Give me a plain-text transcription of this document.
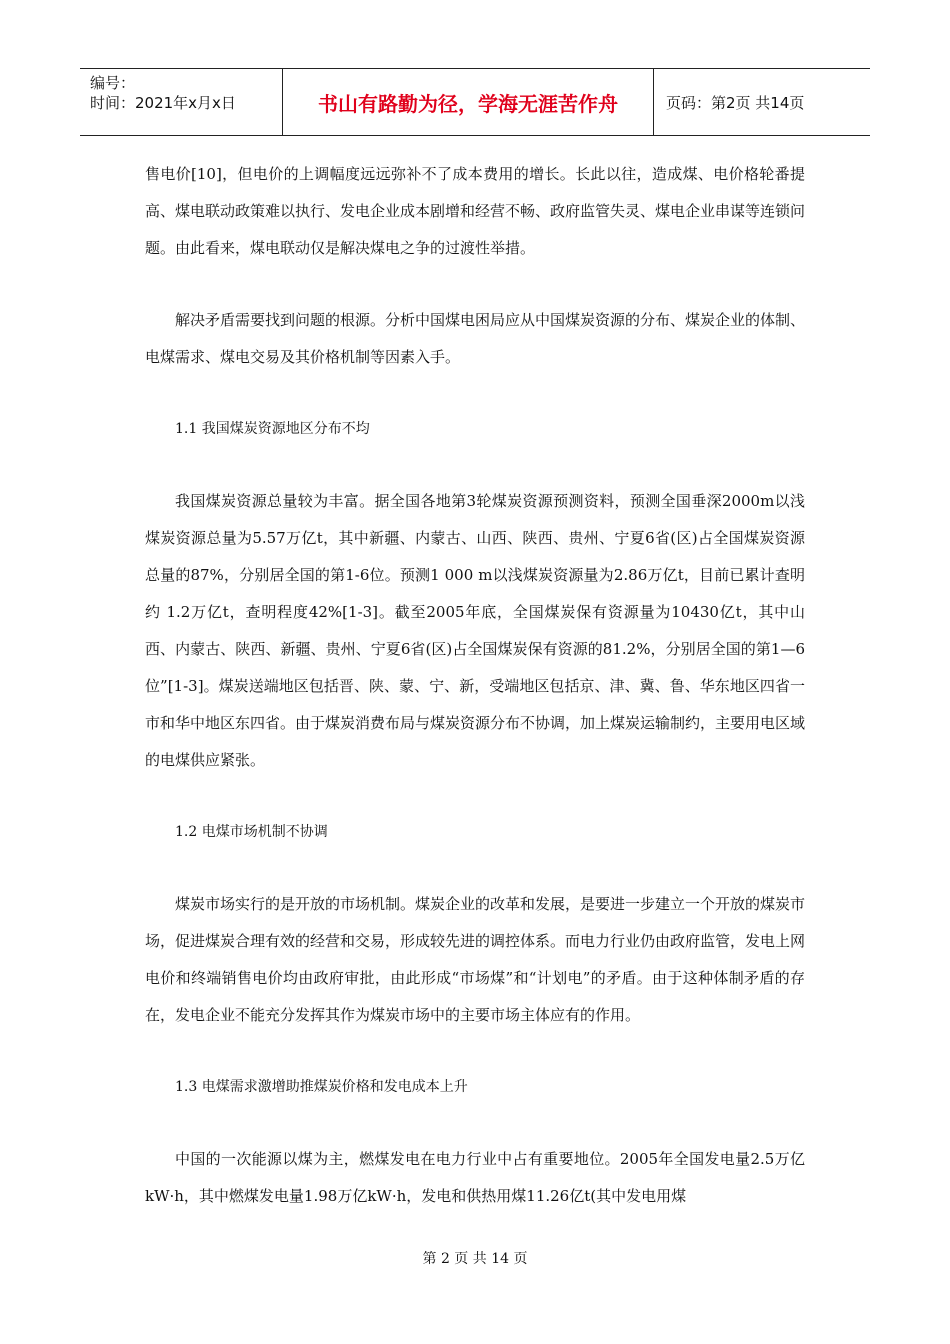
编号：
时间：2021年x月x日	书山有路勤为径，学海无涯苦作舟	页码：第2页 共14页

售电价[10]，但电价的上调幅度远远弥补不了成本费用的增长。长此以往，造成煤、电价格轮番提高、煤电联动政策难以执行、发电企业成本剧增和经营不畅、政府监管失灵、煤电企业串谋等连锁问题。由此看来，煤电联动仅是解决煤电之争的过渡性举措。

解决矛盾需要找到问题的根源。分析中国煤电困局应从中国煤炭资源的分布、煤炭企业的体制、电煤需求、煤电交易及其价格机制等因素入手。

1.1 我国煤炭资源地区分布不均

我国煤炭资源总量较为丰富。据全国各地第3轮煤炭资源预测资料，预测全国垂深2000m以浅煤炭资源总量为5.57万亿t，其中新疆、内蒙古、山西、陕西、贵州、宁夏6省(区)占全国煤炭资源总量的87%，分别居全国的第1-6位。预测1 000 m以浅煤炭资源量为2.86万亿t，目前已累计查明约 1.2万亿t，查明程度42%[1-3]。截至2005年底，全国煤炭保有资源量为10430亿t，其中山西、内蒙古、陕西、新疆、贵州、宁夏6省(区)占全国煤炭保有资源的81.2%，分别居全国的第1—6位”[1-3]。煤炭送端地区包括晋、陕、蒙、宁、新，受端地区包括京、津、冀、鲁、华东地区四省一市和华中地区东四省。由于煤炭消费布局与煤炭资源分布不协调，加上煤炭运输制约，主要用电区域的电煤供应紧张。

1.2 电煤市场机制不协调

煤炭市场实行的是开放的市场机制。煤炭企业的改革和发展，是要进一步建立一个开放的煤炭市场，促进煤炭合理有效的经营和交易，形成较先进的调控体系。而电力行业仍由政府监管，发电上网电价和终端销售电价均由政府审批，由此形成“市场煤”和“计划电”的矛盾。由于这种体制矛盾的存在，发电企业不能充分发挥其作为煤炭市场中的主要市场主体应有的作用。

1.3 电煤需求激增助推煤炭价格和发电成本上升

中国的一次能源以煤为主，燃煤发电在电力行业中占有重要地位。2005年全国发电量2.5万亿kW·h，其中燃煤发电量1.98万亿kW·h，发电和供热用煤11.26亿t(其中发电用煤

第 2 页 共 14 页
